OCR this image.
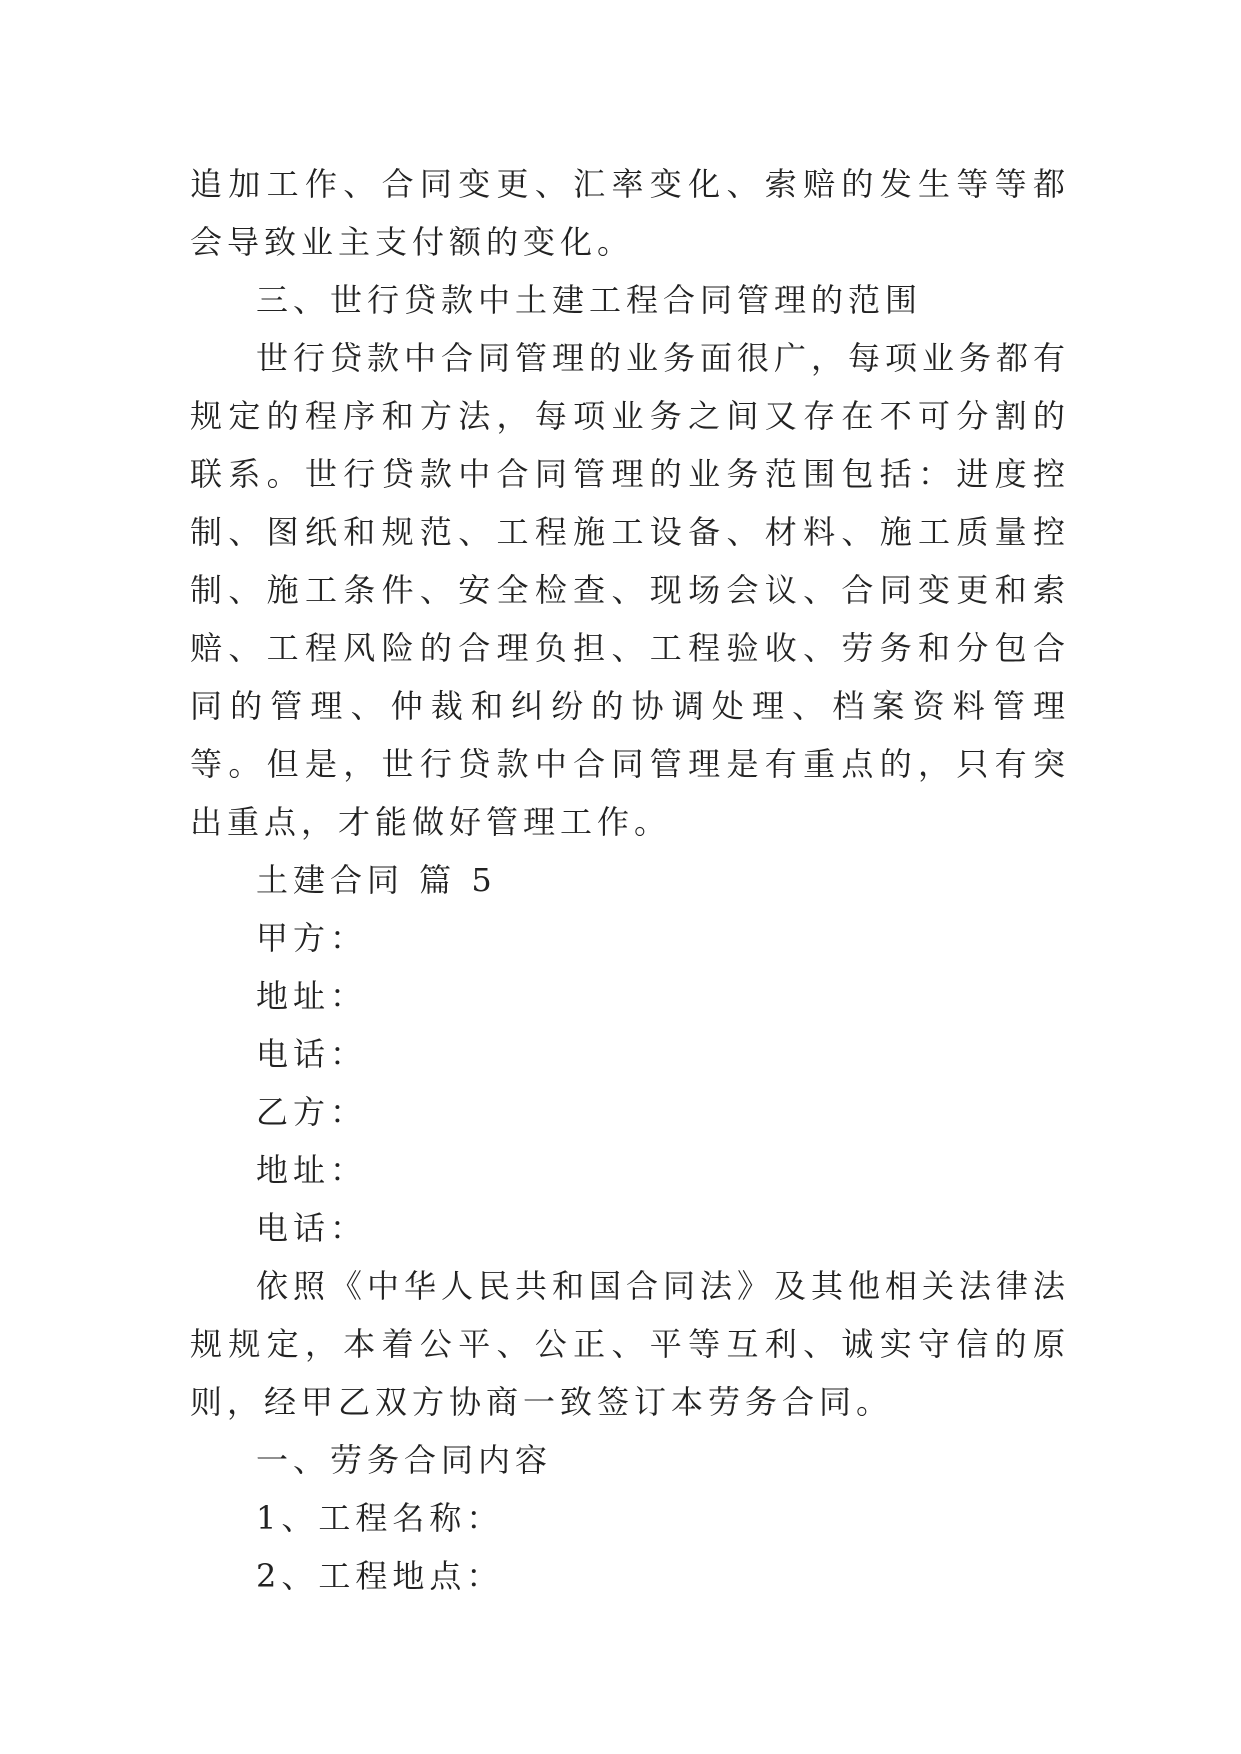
追加工作、合同变更、汇率变化、索赔的发生等等都会导致业主支付额的变化。

三、世行贷款中土建工程合同管理的范围

世行贷款中合同管理的业务面很广，每项业务都有规定的程序和方法，每项业务之间又存在不可分割的联系。世行贷款中合同管理的业务范围包括：进度控制、图纸和规范、工程施工设备、材料、施工质量控制、施工条件、安全检查、现场会议、合同变更和索赔、工程风险的合理负担、工程验收、劳务和分包合同的管理、仲裁和纠纷的协调处理、档案资料管理等。但是，世行贷款中合同管理是有重点的，只有突出重点，才能做好管理工作。

土建合同 篇 5

甲方：

地址：

电话：

乙方：

地址：

电话：

依照《中华人民共和国合同法》及其他相关法律法规规定，本着公平、公正、平等互利、诚实守信的原则，经甲乙双方协商一致签订本劳务合同。

一、劳务合同内容

1、工程名称：

2、工程地点：
